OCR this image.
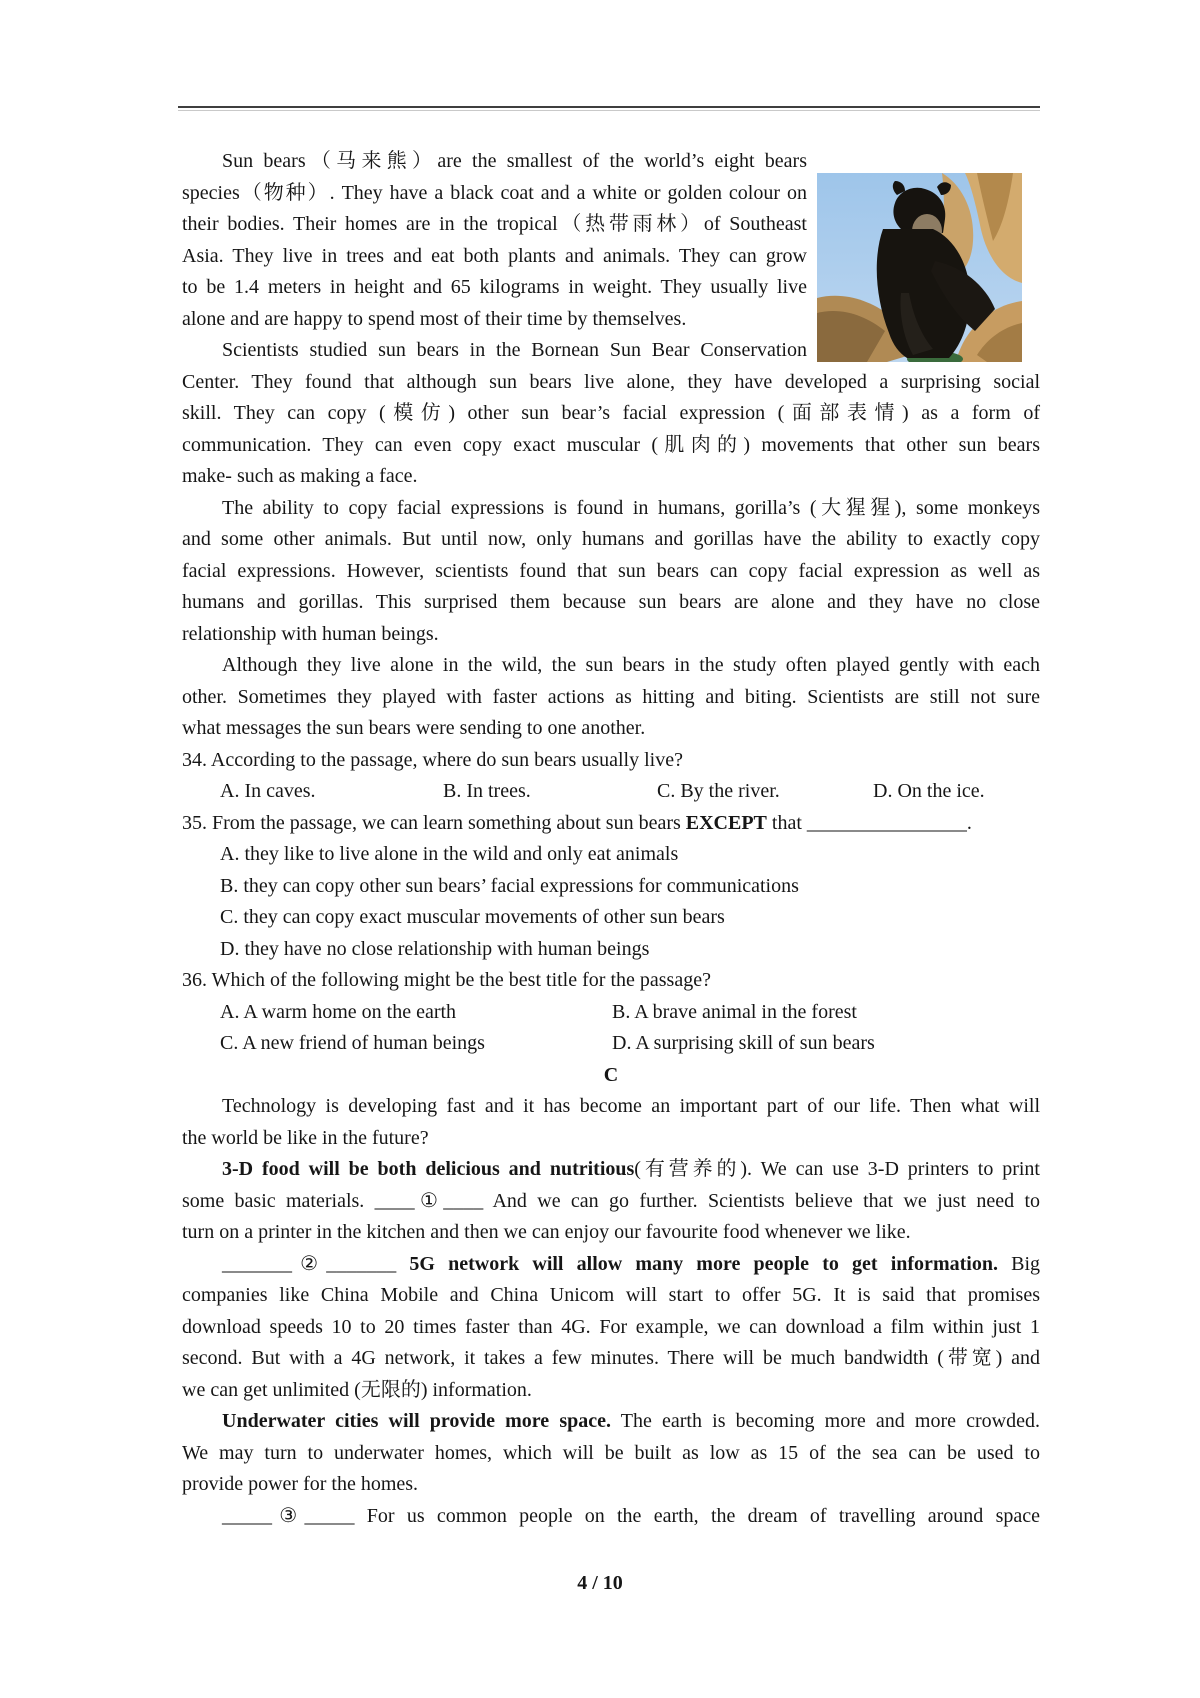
Sun bears（马来熊）are the smallest of the world’s eight bears
species（物种）. They have a black coat and a white or golden colour on
their bodies. Their homes are in the tropical（热带雨林）of Southeast
Asia. They live in trees and eat both plants and animals. They can grow
to be 1.4 meters in height and 65 kilograms in weight. They usually live
alone and are happy to spend most of their time by themselves.
Scientists studied sun bears in the Bornean Sun Bear Conservation
Center. They found that although sun bears live alone, they have developed a surprising social
skill. They can copy (模仿) other sun bear’s facial expression (面部表情) as a form of
communication. They can even copy exact muscular (肌肉的) movements that other sun bears
make- such as making a face.
The ability to copy facial expressions is found in humans, gorilla’s (大猩猩), some monkeys
and some other animals. But until now, only humans and gorillas have the ability to exactly copy
facial expressions. However, scientists found that sun bears can copy facial expression as well as
humans and gorillas. This surprised them because sun bears are alone and they have no close
relationship with human beings.
Although they live alone in the wild, the sun bears in the study often played gently with each
other. Sometimes they played with faster actions as hitting and biting. Scientists are still not sure
what messages the sun bears were sending to one another.
34. According to the passage, where do sun bears usually live?
A. In caves.	B. In trees.	C. By the river.	D. On the ice.
35. From the passage, we can learn something about sun bears EXCEPT that ________________.
A. they like to live alone in the wild and only eat animals
B. they can copy other sun bears’ facial expressions for communications
C. they can copy exact muscular movements of other sun bears
D. they have no close relationship with human beings
36. Which of the following might be the best title for the passage?
A. A warm home on the earth	B. A brave animal in the forest
C. A new friend of human beings	D. A surprising skill of sun bears
C
Technology is developing fast and it has become an important part of our life. Then what will
the world be like in the future?
3-D food will be both delicious and nutritious(有营养的). We can use 3-D printers to print
some basic materials. ____①____ And we can go further. Scientists believe that we just need to
turn on a printer in the kitchen and then we can enjoy our favourite food whenever we like.
_______②_______ 5G network will allow many more people to get information. Big
companies like China Mobile and China Unicom will start to offer 5G. It is said that promises
download speeds 10 to 20 times faster than 4G. For example, we can download a film within just 1
second. But with a 4G network, it takes a few minutes. There will be much bandwidth (带宽) and
we can get unlimited (无限的) information.
Underwater cities will provide more space. The earth is becoming more and more crowded.
We may turn to underwater homes, which will be built as low as 15 of the sea can be used to
provide power for the homes.
_____③_____ For us common people on the earth, the dream of travelling around space
4 / 10
